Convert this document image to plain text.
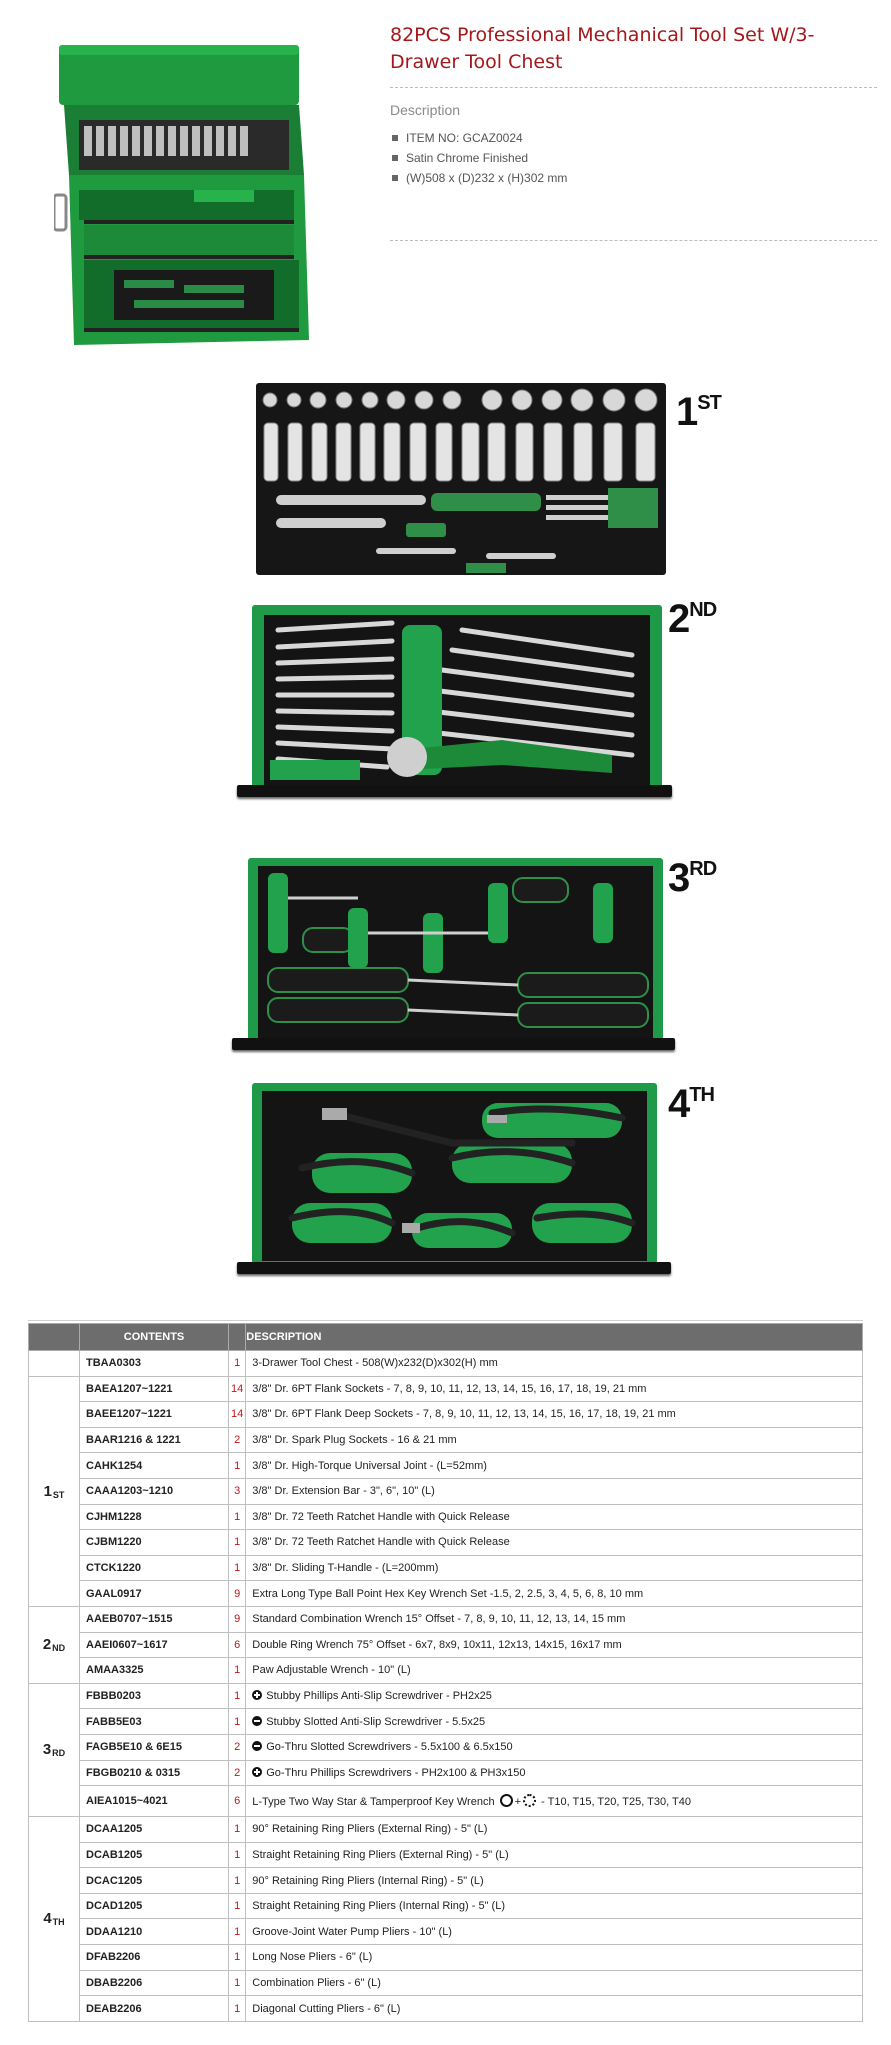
82PCS Professional Mechanical Tool Set W/3-Drawer Tool Chest
Description
ITEM NO: GCAZ0024
Satin Chrome Finished
(W)508 x (D)232 x (H)302 mm
1ST
2ND
3RD
4TH
	CONTENTS		DESCRIPTION
	TBAA0303	1	3-Drawer Tool Chest - 508(W)x232(D)x302(H) mm
$1_{ST}$	BAEA1207~1221	14	3/8" Dr. 6PT Flank Sockets - 7, 8, 9, 10, 11, 12, 13, 14, 15, 16, 17, 18, 19, 21 mm
	BAEE1207~1221	14	3/8" Dr. 6PT Flank Deep Sockets - 7, 8, 9, 10, 11, 12, 13, 14, 15, 16, 17, 18, 19, 21 mm
	BAAR1216 & 1221	2	3/8" Dr. Spark Plug Sockets - 16 & 21 mm
	CAHK1254	1	3/8" Dr. High-Torque Universal Joint - (L=52mm)
	CAAA1203~1210	3	3/8" Dr. Extension Bar - 3", 6", 10" (L)
	CJHM1228	1	3/8" Dr. 72 Teeth Ratchet Handle with Quick Release
	CJBM1220	1	3/8" Dr. 72 Teeth Ratchet Handle with Quick Release
	CTCK1220	1	3/8" Dr. Sliding T-Handle - (L=200mm)
	GAAL0917	9	Extra Long Type Ball Point Hex Key Wrench Set -1.5, 2, 2.5, 3, 4, 5, 6, 8, 10 mm
$2_{ND}$	AAEB0707~1515	9	Standard Combination Wrench 15° Offset - 7, 8, 9, 10, 11, 12, 13, 14, 15 mm
	AAEI0607~1617	6	Double Ring Wrench 75° Offset - 6x7, 8x9, 10x11, 12x13, 14x15, 16x17 mm
	AMAA3325	1	Paw Adjustable Wrench - 10" (L)
$3_{RD}$	FBBB0203	1	Stubby Phillips Anti-Slip Screwdriver - PH2x25
	FABB5E03	1	Stubby Slotted Anti-Slip Screwdriver - 5.5x25
	FAGB5E10 & 6E15	2	Go-Thru Slotted Screwdrivers - 5.5x100 & 6.5x150
	FBGB0210 & 0315	2	Go-Thru Phillips Screwdrivers - PH2x100 & PH3x150
	AIEA1015~4021	6	L-Type Two Way Star & Tamperproof Key Wrench + - T10, T15, T20, T25, T30, T40
$4_{TH}$	DCAA1205	1	90° Retaining Ring Pliers (External Ring) - 5" (L)
	DCAB1205	1	Straight Retaining Ring Pliers (External Ring) - 5" (L)
	DCAC1205	1	90° Retaining Ring Pliers (Internal Ring) - 5" (L)
	DCAD1205	1	Straight Retaining Ring Pliers (Internal Ring) - 5" (L)
	DDAA1210	1	Groove-Joint Water Pump Pliers - 10" (L)
	DFAB2206	1	Long Nose Pliers - 6" (L)
	DBAB2206	1	Combination Pliers - 6" (L)
	DEAB2206	1	Diagonal Cutting Pliers - 6" (L)
